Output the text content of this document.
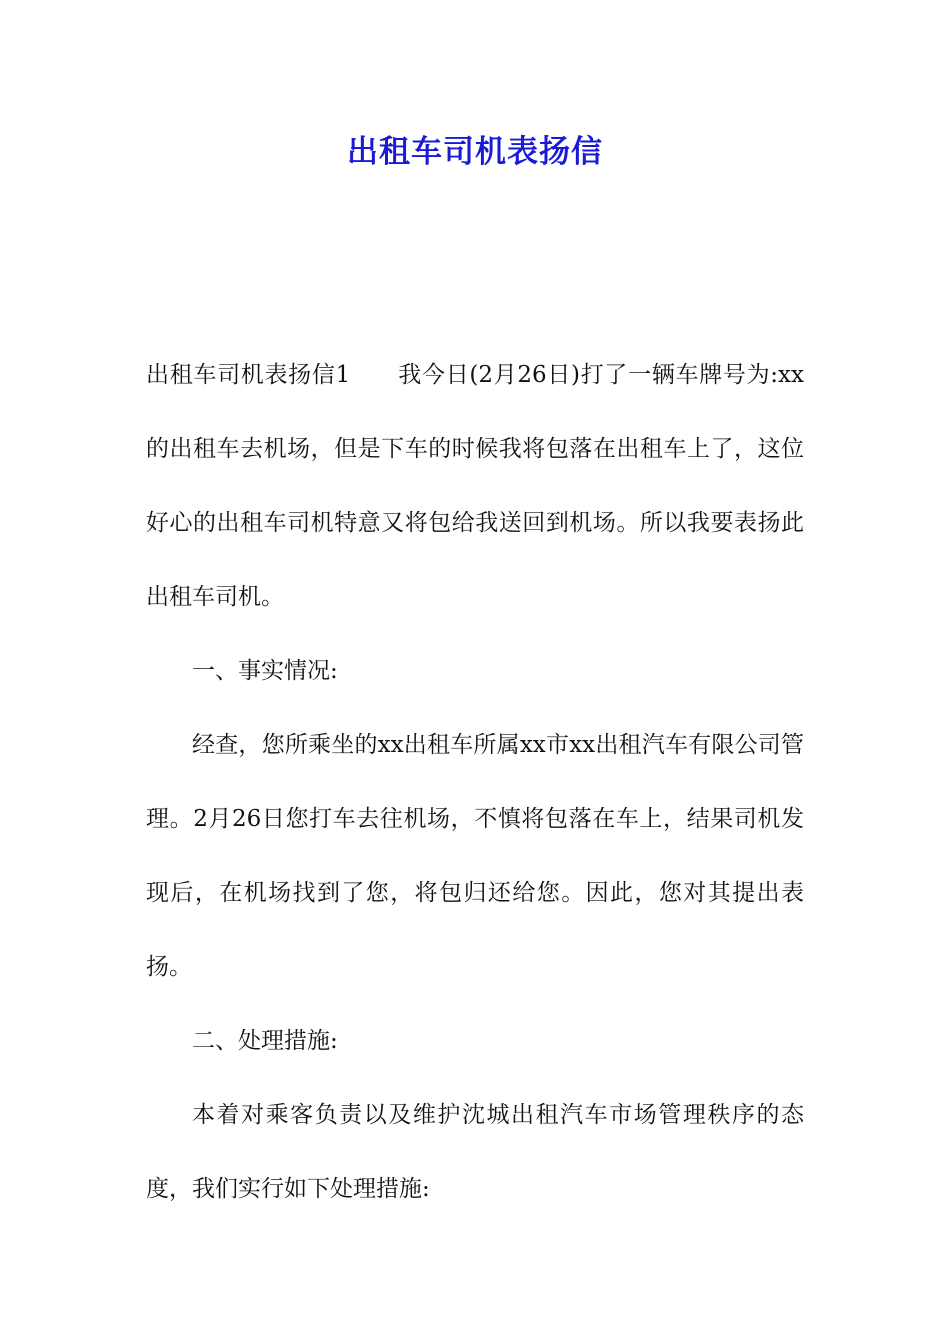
出租车司机表扬信

出租车司机表扬信1　　我今日(2月26日)打了一辆车牌号为:xx的出租车去机场，但是下车的时候我将包落在出租车上了，这位好心的出租车司机特意又将包给我送回到机场。所以我要表扬此出租车司机。

一、事实情况:

经查，您所乘坐的xx出租车所属xx市xx出租汽车有限公司管理。2月26日您打车去往机场，不慎将包落在车上，结果司机发现后，在机场找到了您，将包归还给您。因此，您对其提出表扬。

二、处理措施:

本着对乘客负责以及维护沈城出租汽车市场管理秩序的态度，我们实行如下处理措施:
